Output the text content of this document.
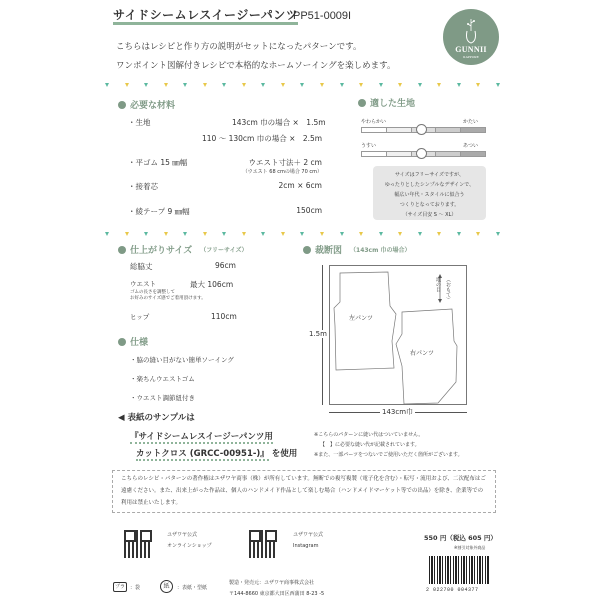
サイドシームレスイージーパンツ
PP51-0009I
こちらはレシピと作り方の説明がセットになったパターンです。
ワンポイント図解付きレシピで本格的なホームソーイングを楽しめます。
GUNNII
RAPPORE
必要な材料
・生地	143cm 巾の場合 ×　1.5m
110 〜 130cm 巾の場合 ×　2.5m
・平ゴム 15 ㎜幅	ウエスト寸法＋ 2 cm
（ウエスト 68 cmの場合 70 cm）
・接着芯	2cm × 6cm
・綾テープ 9 ㎜幅	150cm
適した生地
やわらかい	かたい
うすい	あつい
サイズはフリーサイズですが、
ゆったりとしたシンプルなデザインで、
幅広い年代・スタイルに似合う
つくりとなっております。
（サイズ目安 S 〜 XL）
仕上がりサイズ （フリーサイズ）
総脇丈	96cm
ウエスト	最大 106cm
ゴムの長さを調整して
お好みのサイズ感でご着用頂けます。
ヒップ	110cm
仕様
・脇の縫い目がない簡単ソーイング
・楽ちんウエストゴム
・ウエスト調節紐付き
◀ 表紙のサンプルは
『サイドシームレスイージーパンツ用
カットクロス (GRCC-00951-)』 を使用
裁断図 （143cm 巾の場合）
（おもて）
地の目
左パンツ
右パンツ
1.5m
143cm巾
※こちらのパターンに縫い代はついていません。
【　】に必要な縫い代が記載されています。
※また、一部パーツをつないでご使用いただく箇所がございます。
こちらのレシピ・パターンの著作権はユザワヤ商事（株）が所有しています。無断での複写複製（電子化を含む）・転写・流用および、二次配布はご遠慮ください。また、出来上がった作品は、個人のハンドメイド作品として楽しむ場合（ハンドメイドマーケット等での出品）を除き、企業等での利用は禁止いたします。
ユザワヤ公式
オンラインショップ
ユザワヤ公式
Instagram
プラ	：袋	紙	：表紙・型紙
製造・発売元：ユザワヤ商事株式会社
〒144-8660 東京都大田区西蒲田 8-23 -5
550 円（税込 605 円）
※割引対象外商品
2 022700 004377
